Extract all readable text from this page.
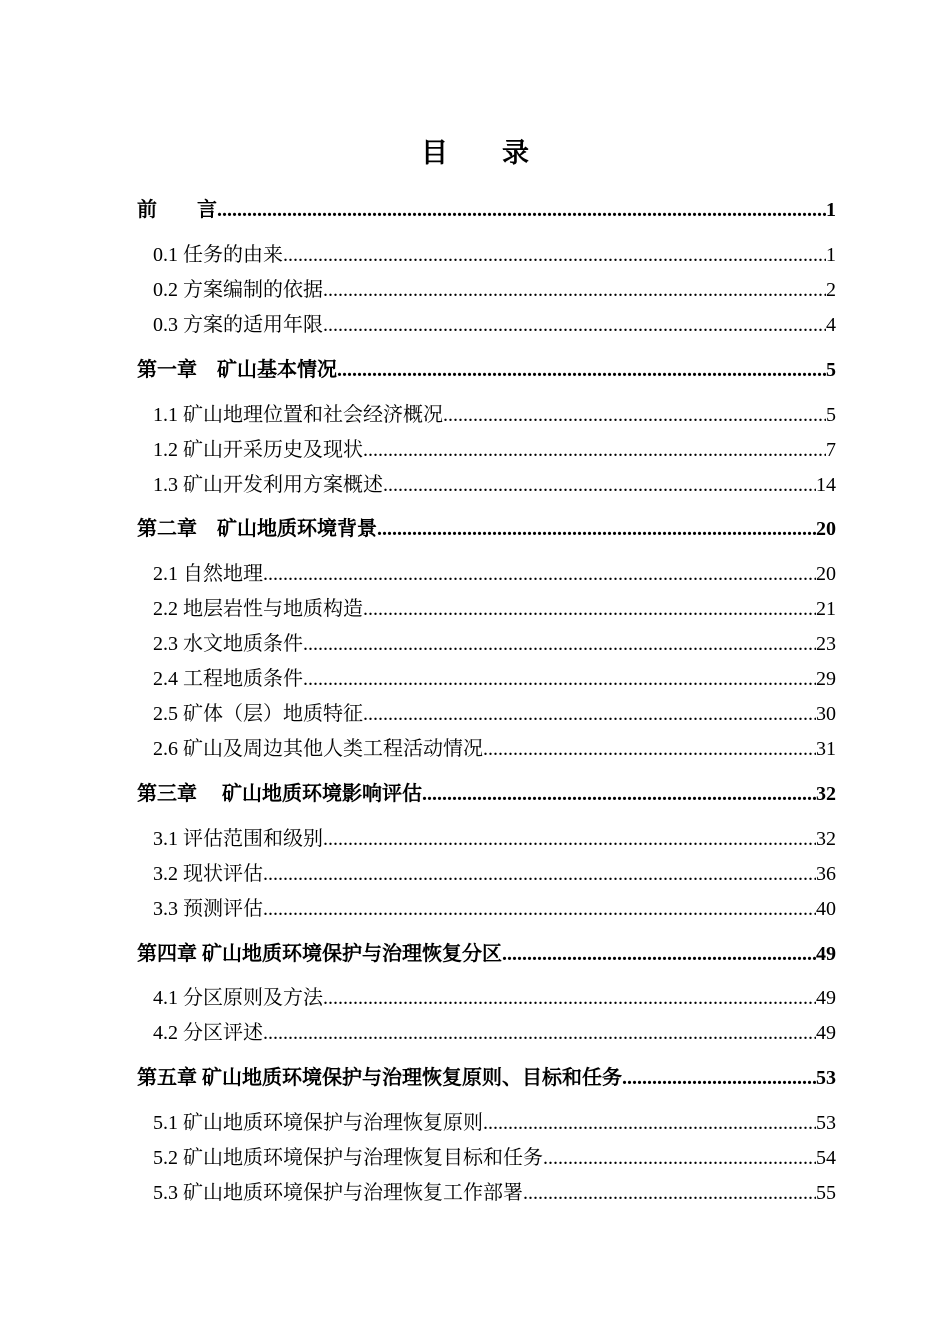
目　　录
前　　言 .....	1
0.1 任务的由来 .....	1
0.2 方案编制的依据 .....	2
0.3 方案的适用年限 .....	4
第一章　矿山基本情况 .....	5
1.1 矿山地理位置和社会经济概况 .....	5
1.2 矿山开采历史及现状 .....	7
1.3 矿山开发利用方案概述 .....	14
第二章　矿山地质环境背景 .....	20
2.1 自然地理 .....	20
2.2 地层岩性与地质构造 .....	21
2.3 水文地质条件 .....	23
2.4 工程地质条件 .....	29
2.5 矿体（层）地质特征 .....	30
2.6 矿山及周边其他人类工程活动情况 .....	31
第三章　 矿山地质环境影响评估 .....	32
3.1 评估范围和级别 .....	32
3.2 现状评估 .....	36
3.3 预测评估 .....	40
第四章 矿山地质环境保护与治理恢复分区 .....	49
4.1 分区原则及方法 .....	49
4.2 分区评述 .....	49
第五章 矿山地质环境保护与治理恢复原则、目标和任务 .....	53
5.1 矿山地质环境保护与治理恢复原则 .....	53
5.2 矿山地质环境保护与治理恢复目标和任务 .....	54
5.3 矿山地质环境保护与治理恢复工作部署 .....	55
